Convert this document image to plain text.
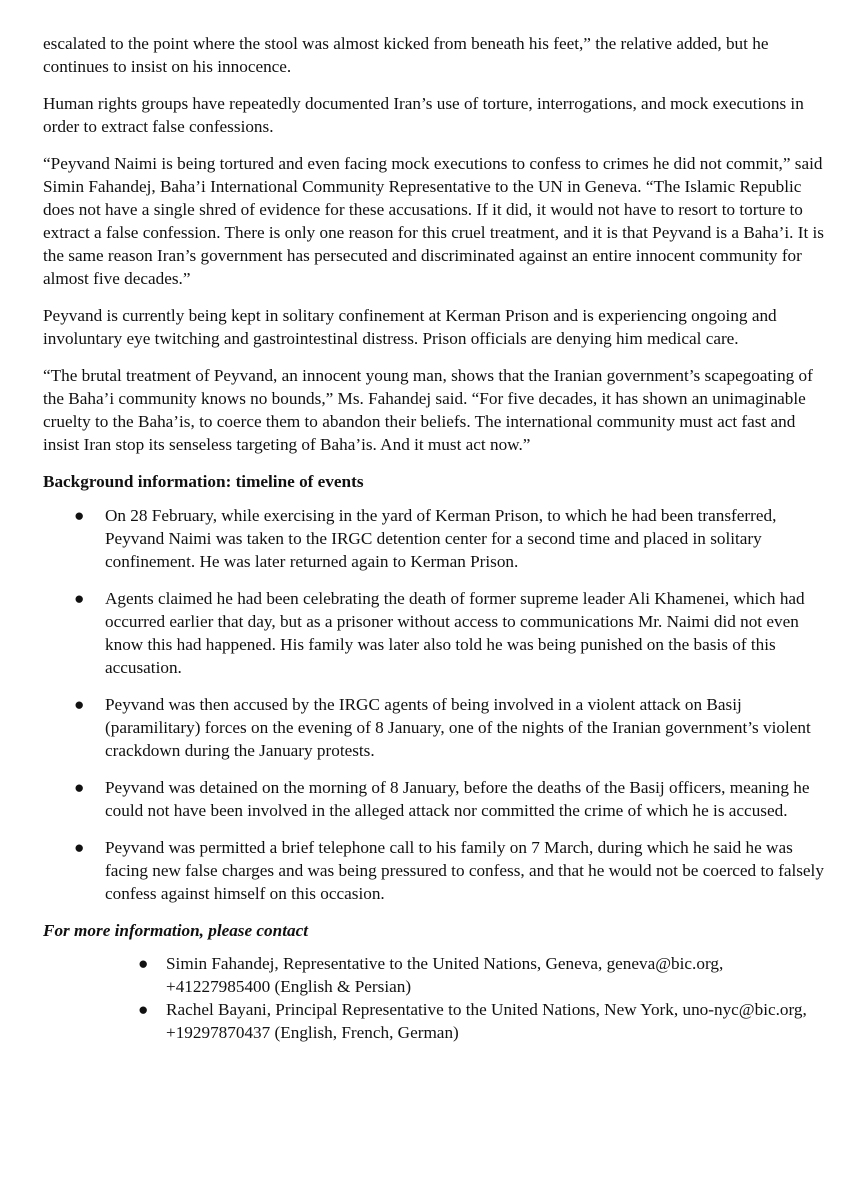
escalated to the point where the stool was almost kicked from beneath his feet,” the relative added, but he continues to insist on his innocence.

Human rights groups have repeatedly documented Iran’s use of torture, interrogations, and mock executions in order to extract false confessions.

“Peyvand Naimi is being tortured and even facing mock executions to confess to crimes he did not commit,” said Simin Fahandej, Baha’i International Community Representative to the UN in Geneva. “The Islamic Republic does not have a single shred of evidence for these accusations. If it did, it would not have to resort to torture to extract a false confession. There is only one reason for this cruel treatment, and it is that Peyvand is a Baha’i. It is the same reason Iran’s government has persecuted and discriminated against an entire innocent community for almost five decades.”

Peyvand is currently being kept in solitary confinement at Kerman Prison and is experiencing ongoing and involuntary eye twitching and gastrointestinal distress. Prison officials are denying him medical care.

“The brutal treatment of Peyvand, an innocent young man, shows that the Iranian government’s scapegoating of the Baha’i community knows no bounds,” Ms. Fahandej said. “For five decades, it has shown an unimaginable cruelty to the Baha’is, to coerce them to abandon their beliefs. The international community must act fast and insist Iran stop its senseless targeting of Baha’is. And it must act now.”

Background information: timeline of events
● On 28 February, while exercising in the yard of Kerman Prison, to which he had been transferred, Peyvand Naimi was taken to the IRGC detention center for a second time and placed in solitary confinement. He was later returned again to Kerman Prison.
● Agents claimed he had been celebrating the death of former supreme leader Ali Khamenei, which had occurred earlier that day, but as a prisoner without access to communications Mr. Naimi did not even know this had happened. His family was later also told he was being punished on the basis of this accusation.
● Peyvand was then accused by the IRGC agents of being involved in a violent attack on Basij (paramilitary) forces on the evening of 8 January, one of the nights of the Iranian government’s violent crackdown during the January protests.
● Peyvand was detained on the morning of 8 January, before the deaths of the Basij officers, meaning he could not have been involved in the alleged attack nor committed the crime of which he is accused.
● Peyvand was permitted a brief telephone call to his family on 7 March, during which he said he was facing new false charges and was being pressured to confess, and that he would not be coerced to falsely confess against himself on this occasion.
For more information, please contact
● Simin Fahandej, Representative to the United Nations, Geneva, geneva@bic.org, +41227985400 (English & Persian)
● Rachel Bayani, Principal Representative to the United Nations, New York, uno-nyc@bic.org, +19297870437 (English, French, German)
